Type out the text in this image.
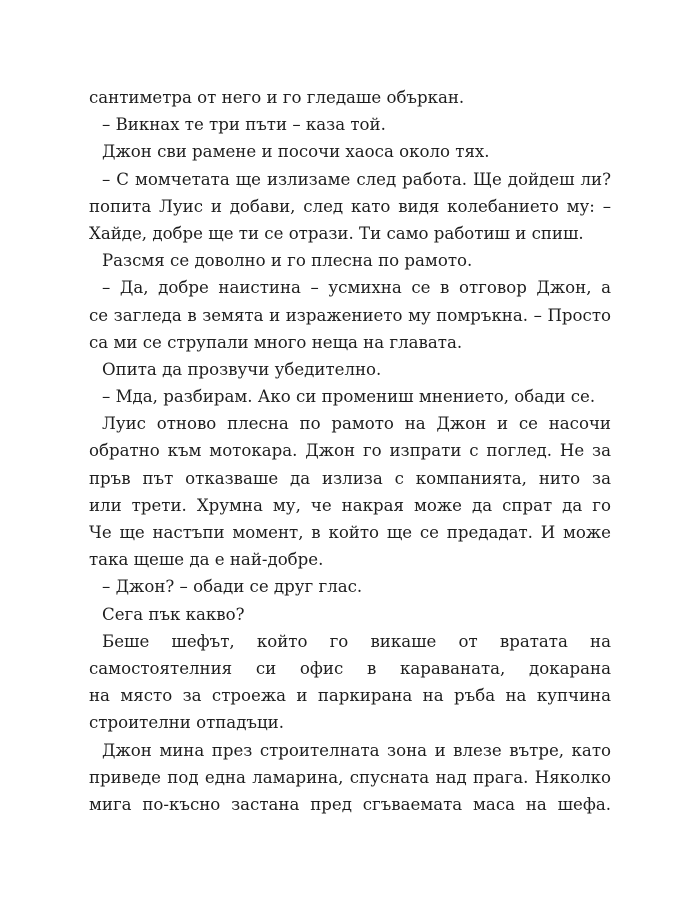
сантиметра от него и го гледаше объркан.
– Викнах те три пъти – каза той.
Джон сви рамене и посочи хаоса около тях.
– С момчетата ще излизаме след работа. Ще дойдеш ли?
попита Луис и добави, след като видя колебанието му: –
Хайде, добре ще ти се отрази. Ти само работиш и спиш.
Разсмя се доволно и го плесна по рамото.
– Да, добре наистина – усмихна се в отговор Джон, а
се загледа в земята и изражението му помръкна. – Просто
са ми се струпали много неща на главата.
Опита да прозвучи убедително.
– Мда, разбирам. Ако си промениш мнението, обади се.
Луис отново плесна по рамото на Джон и се насочи
обратно към мотокара. Джон го изпрати с поглед. Не за
пръв път отказваше да излиза с компанията, нито за
или трети. Хрумна му, че накрая може да спрат да го
Че ще настъпи момент, в който ще се предадат. И може
така щеше да е най-добре.
– Джон? – обади се друг глас.
Сега пък какво?
Беше шефът, който го викаше от вратата на
самостоятелния си офис в караваната, докарана
на място за строежа и паркирана на ръба на купчина
строителни отпадъци.
Джон мина през строителната зона и влезе вътре, като
приведе под една ламарина, спусната над прага. Няколко
мига по-късно застана пред сгъваемата маса на шефа.
